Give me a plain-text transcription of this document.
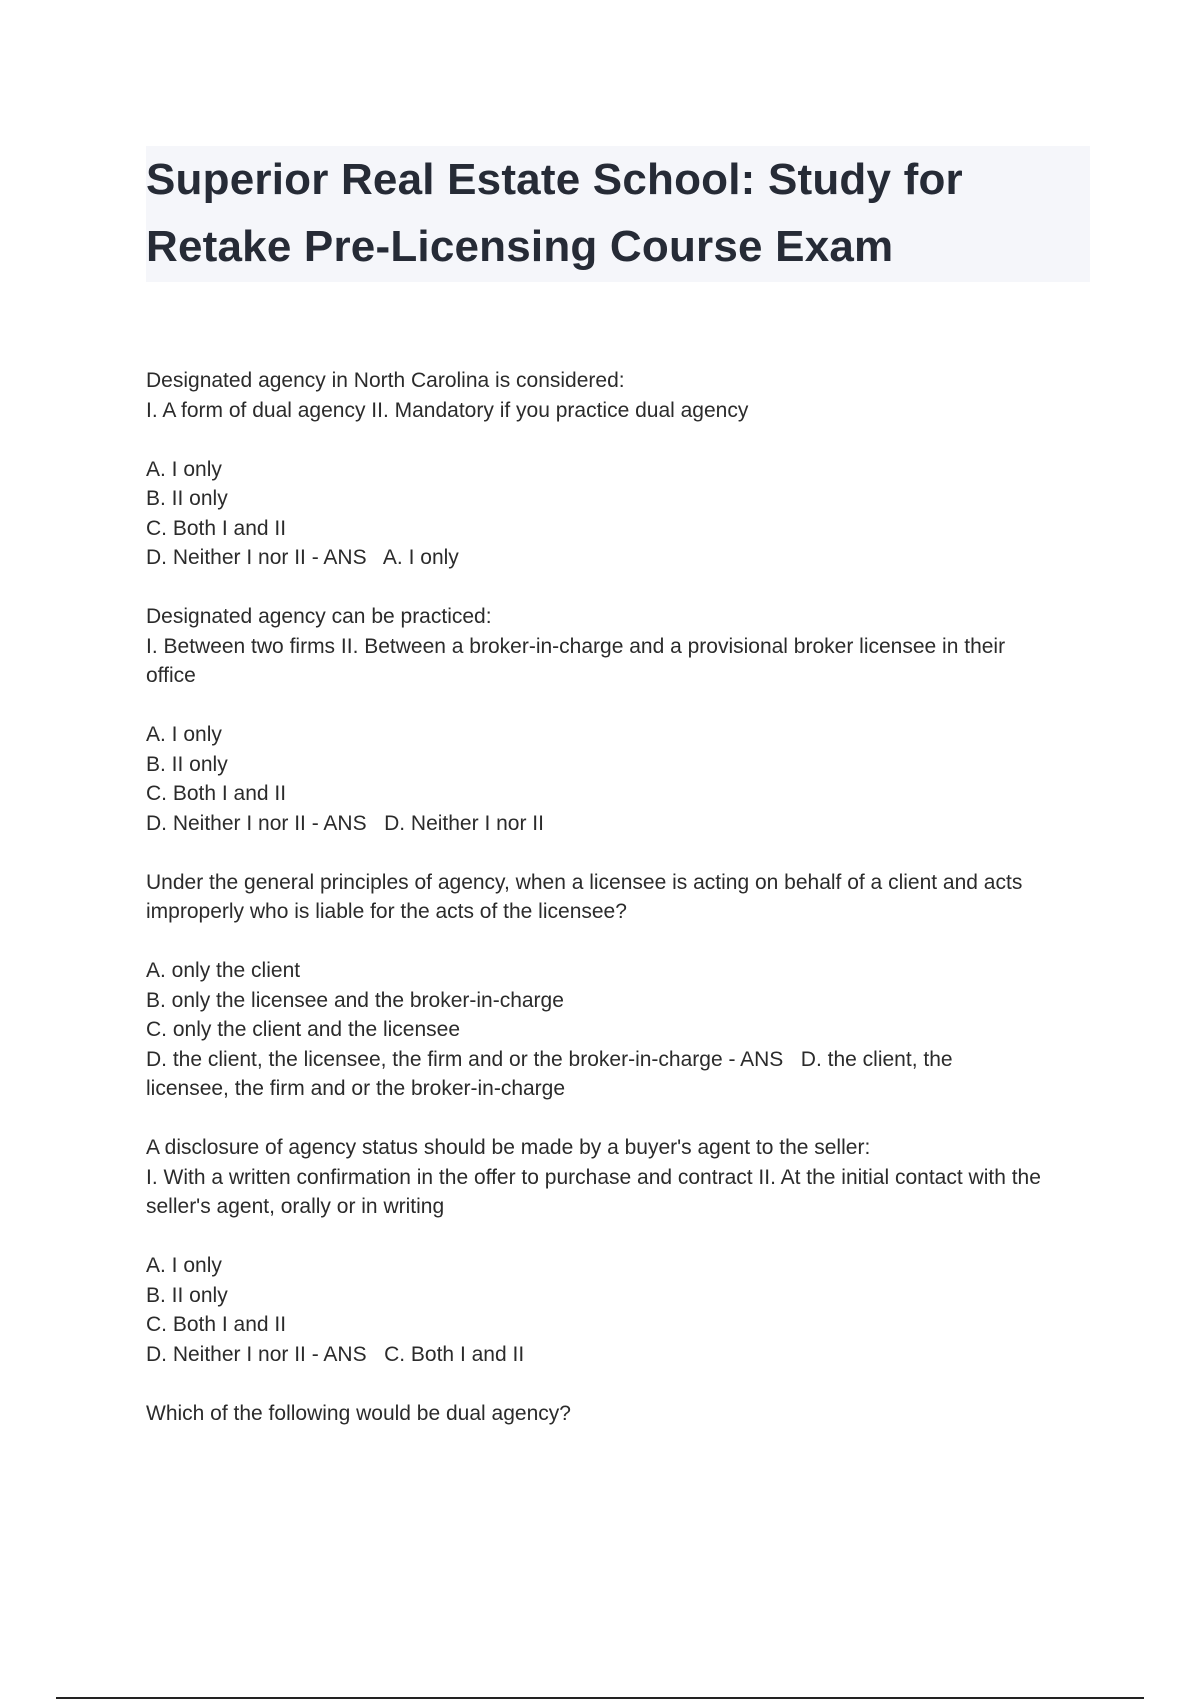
Superior Real Estate School: Study for
Retake Pre-Licensing Course Exam
Designated agency in North Carolina is considered:
I. A form of dual agency II. Mandatory if you practice dual agency
A. I only
B. II only
C. Both I and II
D. Neither I nor II - ANS   A. I only
Designated agency can be practiced:
I. Between two firms II. Between a broker-in-charge and a provisional broker licensee in their
office
A. I only
B. II only
C. Both I and II
D. Neither I nor II - ANS   D. Neither I nor II
Under the general principles of agency, when a licensee is acting on behalf of a client and acts
improperly who is liable for the acts of the licensee?
A. only the client
B. only the licensee and the broker-in-charge
C. only the client and the licensee
D. the client, the licensee, the firm and or the broker-in-charge - ANS   D. the client, the
licensee, the firm and or the broker-in-charge
A disclosure of agency status should be made by a buyer's agent to the seller:
I. With a written confirmation in the offer to purchase and contract II. At the initial contact with the
seller's agent, orally or in writing
A. I only
B. II only
C. Both I and II
D. Neither I nor II - ANS   C. Both I and II
Which of the following would be dual agency?
